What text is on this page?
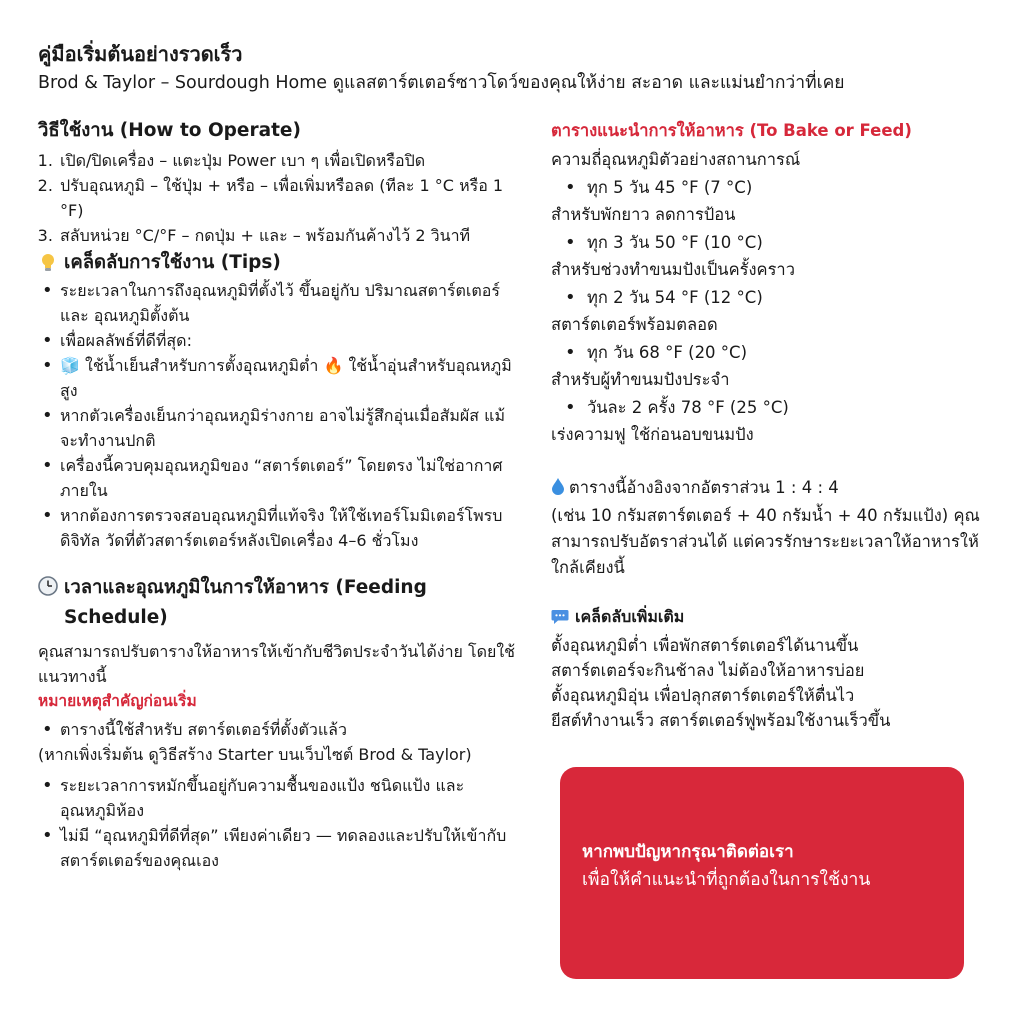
คู่มือเริ่มต้นอย่างรวดเร็ว

Brod & Taylor – Sourdough Home ดูแลสตาร์ตเตอร์ซาวโดว์ของคุณให้ง่าย สะอาด และแม่นยำกว่าที่เคย

วิธีใช้งาน (How to Operate)
1. เปิด/ปิดเครื่อง – แตะปุ่ม Power เบา ๆ เพื่อเปิดหรือปิด
2. ปรับอุณหภูมิ – ใช้ปุ่ม + หรือ – เพื่อเพิ่มหรือลด (ทีละ 1 °C หรือ 1 °F)
3. สลับหน่วย °C/°F – กดปุ่ม + และ – พร้อมกันค้างไว้ 2 วินาที
เคล็ดลับการใช้งาน (Tips)
• ระยะเวลาในการถึงอุณหภูมิที่ตั้งไว้ ขึ้นอยู่กับ ปริมาณสตาร์ตเตอร์ และ อุณหภูมิตั้งต้น
• เพื่อผลลัพธ์ที่ดีที่สุด:
• 🧊 ใช้น้ำเย็นสำหรับการตั้งอุณหภูมิต่ำ 🔥 ใช้น้ำอุ่นสำหรับอุณหภูมิสูง
• หากตัวเครื่องเย็นกว่าอุณหภูมิร่างกาย อาจไม่รู้สึกอุ่นเมื่อสัมผัส แม้จะทำงานปกติ
• เครื่องนี้ควบคุมอุณหภูมิของ “สตาร์ตเตอร์” โดยตรง ไม่ใช่อากาศภายใน
• หากต้องการตรวจสอบอุณหภูมิที่แท้จริง ให้ใช้เทอร์โมมิเตอร์โพรบดิจิทัล วัดที่ตัวสตาร์ตเตอร์หลังเปิดเครื่อง 4–6 ชั่วโมง
เวลาและอุณหภูมิในการให้อาหาร (Feeding Schedule)

คุณสามารถปรับตารางให้อาหารให้เข้ากับชีวิตประจำวันได้ง่าย โดยใช้แนวทางนี้

หมายเหตุสำคัญก่อนเริ่ม

• ตารางนี้ใช้สำหรับ สตาร์ตเตอร์ที่ตั้งตัวแล้ว

(หากเพิ่งเริ่มต้น ดูวิธีสร้าง Starter บนเว็บไซต์ Brod & Taylor)

• ระยะเวลาการหมักขึ้นอยู่กับความชื้นของแป้ง ชนิดแป้ง และอุณหภูมิห้อง
• ไม่มี “อุณหภูมิที่ดีที่สุด” เพียงค่าเดียว — ทดลองและปรับให้เข้ากับสตาร์ตเตอร์ของคุณเอง
ตารางแนะนำการให้อาหาร (To Bake or Feed)

ความถี่อุณหภูมิตัวอย่างสถานการณ์

• ทุก 5 วัน 45 °F (7 °C)

สำหรับพักยาว ลดการป้อน

• ทุก 3 วัน 50 °F (10 °C)

สำหรับช่วงทำขนมปังเป็นครั้งคราว

• ทุก 2 วัน 54 °F (12 °C)

สตาร์ตเตอร์พร้อมตลอด

• ทุก วัน 68 °F (20 °C)

สำหรับผู้ทำขนมปังประจำ

• วันละ 2 ครั้ง 78 °F (25 °C)

เร่งความฟู ใช้ก่อนอบขนมปัง

ตารางนี้อ้างอิงจากอัตราส่วน 1 : 4 : 4

(เช่น 10 กรัมสตาร์ตเตอร์ + 40 กรัมน้ำ + 40 กรัมแป้ง) คุณสามารถปรับอัตราส่วนได้ แต่ควรรักษาระยะเวลาให้อาหารให้ใกล้เคียงนี้

เคล็ดลับเพิ่มเติม

ตั้งอุณหภูมิต่ำ เพื่อพักสตาร์ตเตอร์ได้นานขึ้น

สตาร์ตเตอร์จะกินช้าลง ไม่ต้องให้อาหารบ่อย

ตั้งอุณหภูมิอุ่น เพื่อปลุกสตาร์ตเตอร์ให้ตื่นไว

ยีสต์ทำงานเร็ว สตาร์ตเตอร์ฟูพร้อมใช้งานเร็วขึ้น

หากพบปัญหากรุณาติดต่อเรา

เพื่อให้คำแนะนำที่ถูกต้องในการใช้งาน
